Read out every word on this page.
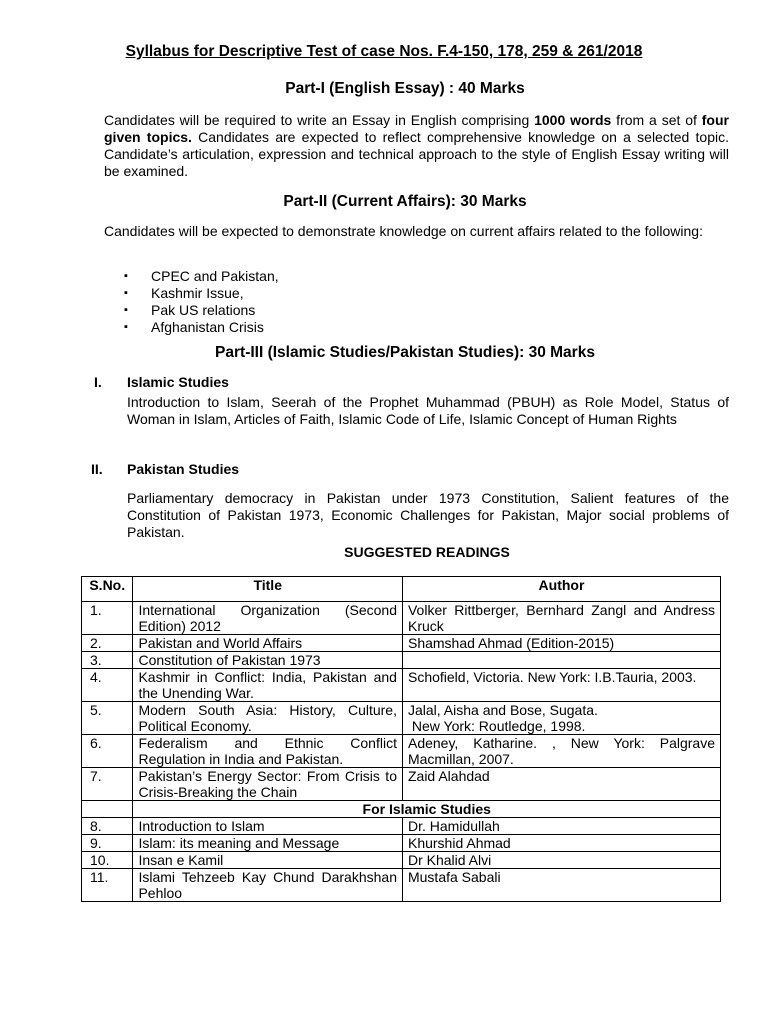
Syllabus for Descriptive Test of case Nos. F.4-150, 178, 259 & 261/2018
Part-I (English Essay) : 40 Marks
Candidates will be required to write an Essay in English comprising 1000 words from a set of four given topics. Candidates are expected to reflect comprehensive knowledge on a selected topic. Candidate’s articulation, expression and technical approach to the style of English Essay writing will be examined.
Part-II (Current Affairs): 30 Marks
Candidates will be expected to demonstrate knowledge on current affairs related to the following:
▪ CPEC and Pakistan,
▪ Kashmir Issue,
▪ Pak US relations
▪ Afghanistan Crisis
Part-III (Islamic Studies/Pakistan Studies): 30 Marks
I. Islamic Studies
Introduction to Islam, Seerah of the Prophet Muhammad (PBUH) as Role Model, Status of Woman in Islam, Articles of Faith, Islamic Code of Life, Islamic Concept of Human Rights
II. Pakistan Studies
Parliamentary democracy in Pakistan under 1973 Constitution, Salient features of the Constitution of Pakistan 1973, Economic Challenges for Pakistan, Major social problems of Pakistan.
SUGGESTED READINGS
S.No.	Title	Author
1.	International Organization (Second Edition) 2012	Volker Rittberger, Bernhard Zangl and Andress Kruck
2.	Pakistan and World Affairs	Shamshad Ahmad (Edition-2015)
3.	Constitution of Pakistan 1973	
4.	Kashmir in Conflict: India, Pakistan and the Unending War.	Schofield, Victoria. New York: I.B.Tauria, 2003.
5.	Modern South Asia: History, Culture, Political Economy.	Jalal, Aisha and Bose, Sugata.
New York: Routledge, 1998.
6.	Federalism and Ethnic Conflict Regulation in India and Pakistan.	Adeney, Katharine. , New York: Palgrave Macmillan, 2007.
7.	Pakistan’s Energy Sector: From Crisis to Crisis-Breaking the Chain	Zaid Alahdad
	For Islamic Studies	
8.	Introduction to Islam	Dr. Hamidullah
9.	Islam: its meaning and Message	Khurshid Ahmad
10.	Insan e Kamil	Dr Khalid Alvi
11.	Islami Tehzeeb Kay Chund Darakhshan Pehloo	Mustafa Sabali
